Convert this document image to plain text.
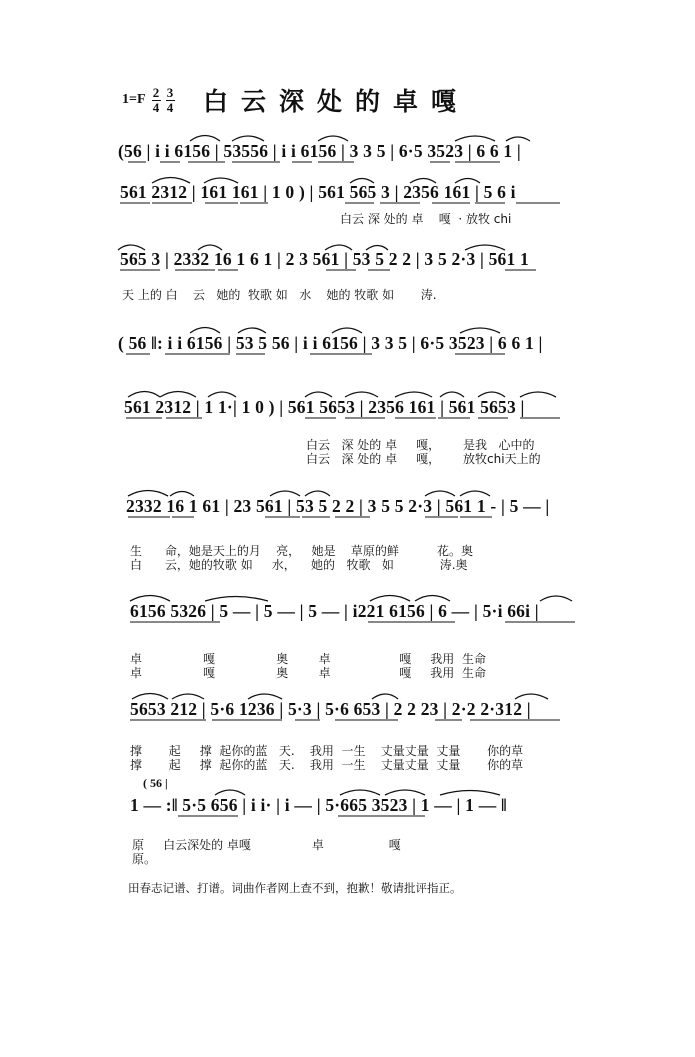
1=F 2
4
3
4 白云深处的卓嘎
(56 | i i 6156 | 53556 | i i 6156 | 3 3 5 | 6·5 3523 | 6 6 1 |
561 2312 | 161 161 | 1 0 ) | 561 565 3 | 2356 161 | 5 6 i
白云 深 处的 卓    嘎  · 放牧 chi
565 3 | 2332 16 1 6 1 | 2 3 561 | 53 5 2 2 | 3 5 2·3 | 561 1
天 上的 白    云   她的  牧歌 如   水    她的 牧歌 如       涛.
( 56 ‖: i i 6156 | 53 5 56 | i i 6156 | 3 3 5 | 6·5 3523 | 6 6 1 |
561 2312 | 1 1·| 1 0 ) | 561 5653 | 2356 161 | 561 5653 |
白云   深 处的 卓     嘎，      是我   心中的
白云   深 处的 卓     嘎，      放牧chi天上的
2332 16 1 61 | 23 561 | 53 5 2 2 | 3 5 5 2·3 | 561 1 - | 5 — |
生      命，她是天上的月    亮，   她是    草原的鲜          花。奥
白      云，她的牧歌 如     水，    她的   牧歌   如            涛.奥
6156 5326 | 5 — | 5 — | 5 — | i221 6156 | 6 — | 5·i 66i |
卓                嘎                奥        卓                  嘎     我用  生命
卓                嘎                奥        卓                  嘎     我用  生命
5653 212 | 5·6 1236 | 5·3 | 5·6 653 | 2 2 23 | 2·2 2·312 |
撑       起     撑  起你的蓝   天.    我用  一生    丈量丈量  丈量       你的草
撑       起     撑  起你的蓝   天.    我用  一生    丈量丈量  丈量       你的草
( 56 |
1 — :‖ 5·5 656 | i i· | i — | 5·665 3523 | 1 — | 1 — ‖
原     白云深处的 卓嘎                卓                 嘎
原。
田春志记谱、打谱。词曲作者网上查不到，抱歉！敬请批评指正。
